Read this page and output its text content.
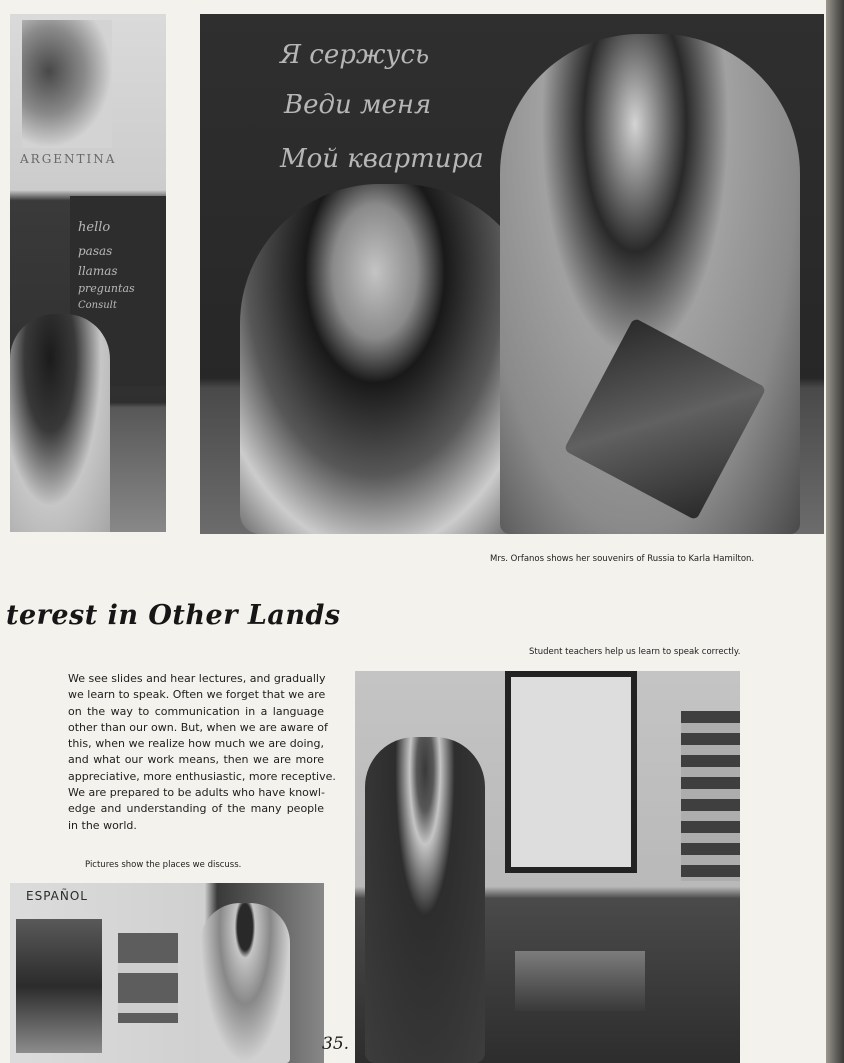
ARGENTINA
hello
pasas
llamas
preguntas
Consult
Я сержусь
Веди меня
Мой квартира
Mrs. Orfanos shows her souvenirs of Russia to Karla Hamilton.
terest in Other Lands
Student teachers help us learn to speak correctly.
We see slides and hear lectures, and gradually
we learn to speak. Often we forget that we are
on the way to communication in a language
other than our own. But, when we are aware of
this, when we realize how much we are doing,
and what our work means, then we are more
appreciative, more enthusiastic, more receptive.
We are prepared to be adults who have knowl-
edge and understanding of the many people
in the world.
Pictures show the places we discuss.
ESPAÑOL
35.
